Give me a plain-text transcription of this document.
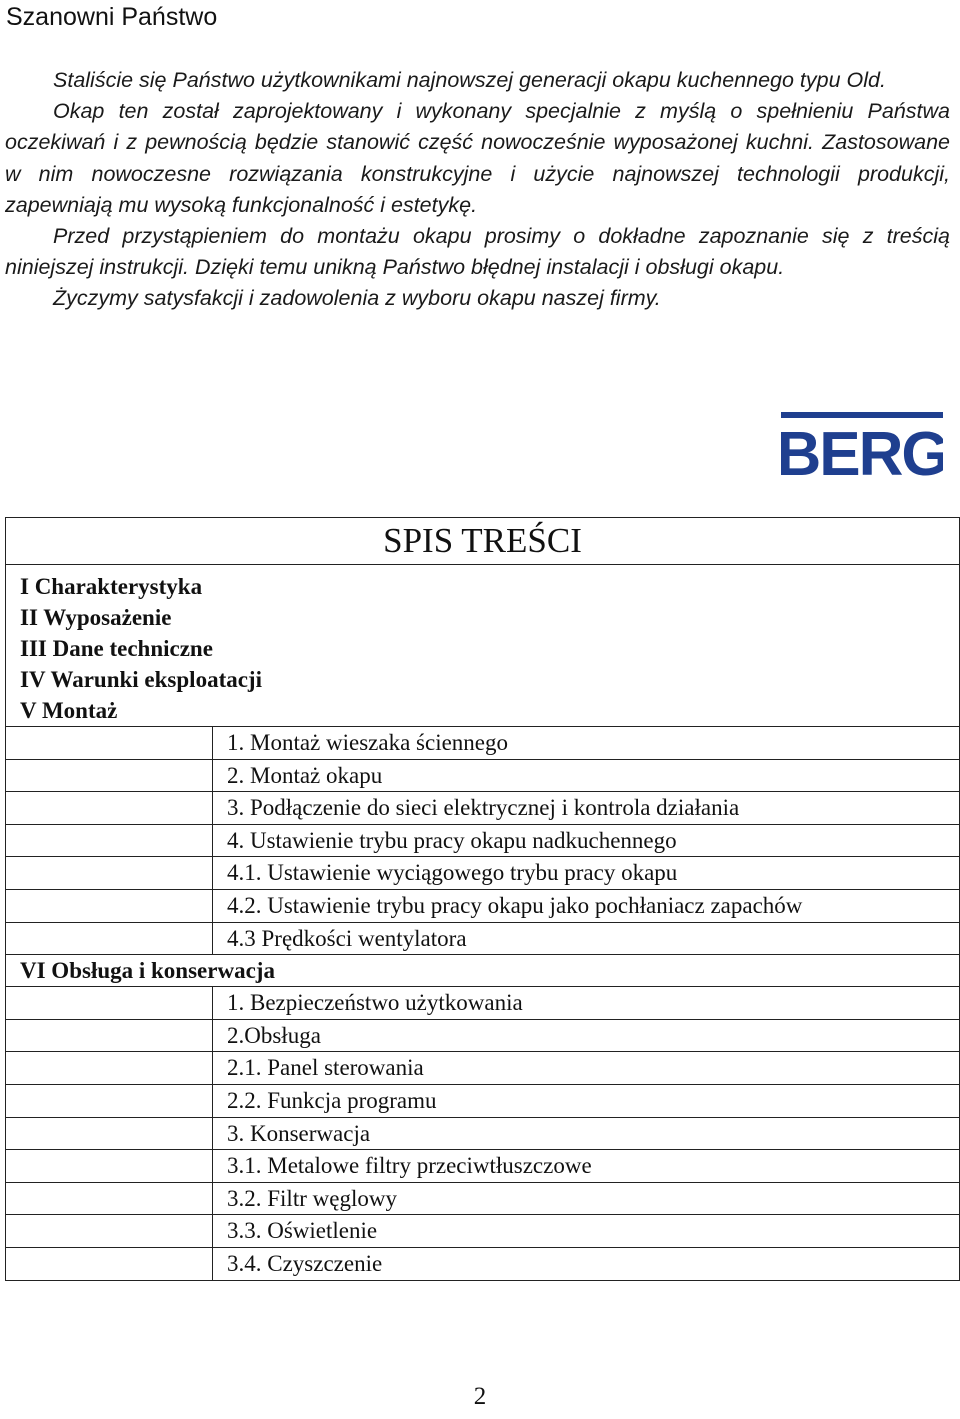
Szanowni Państwo

Staliście się Państwo użytkownikami najnowszej generacji okapu kuchennego typu Old.

Okap ten został zaprojektowany i wykonany specjalnie z myślą o spełnieniu Państwa oczekiwań i z pewnością będzie stanowić część nowocześnie wyposażonej kuchni. Zastosowane w nim nowoczesne rozwiązania konstrukcyjne i użycie najnowszej technologii produkcji, zapewniają mu wysoką funkcjonalność i estetykę.

Przed przystąpieniem do montażu okapu prosimy o dokładne zapoznanie się z treścią niniejszej instrukcji. Dzięki temu unikną Państwo błędnej instalacji i obsługi okapu.

Życzymy satysfakcji i zadowolenia z wyboru okapu naszej firmy.

BERG
SPIS TREŚCI	

I Charakterystyka	
II Wyposażenie	
III Dane techniczne	
IV Warunki eksploatacji	
V Montaż	
	1. Montaż wieszaka ściennego
	2. Montaż okapu
	3. Podłączenie do sieci elektrycznej i kontrola działania
	4. Ustawienie trybu pracy okapu nadkuchennego
	4.1. Ustawienie wyciągowego trybu pracy okapu
	4.2. Ustawienie trybu pracy okapu jako pochłaniacz zapachów
	4.3 Prędkości wentylatora
VI Obsługa i konserwacja	
	1. Bezpieczeństwo użytkowania
	2.Obsługa
	2.1. Panel sterowania
	2.2. Funkcja programu
	3. Konserwacja
	3.1. Metalowe filtry przeciwtłuszczowe
	3.2. Filtr węglowy
	3.3. Oświetlenie
	3.4. Czyszczenie
2
